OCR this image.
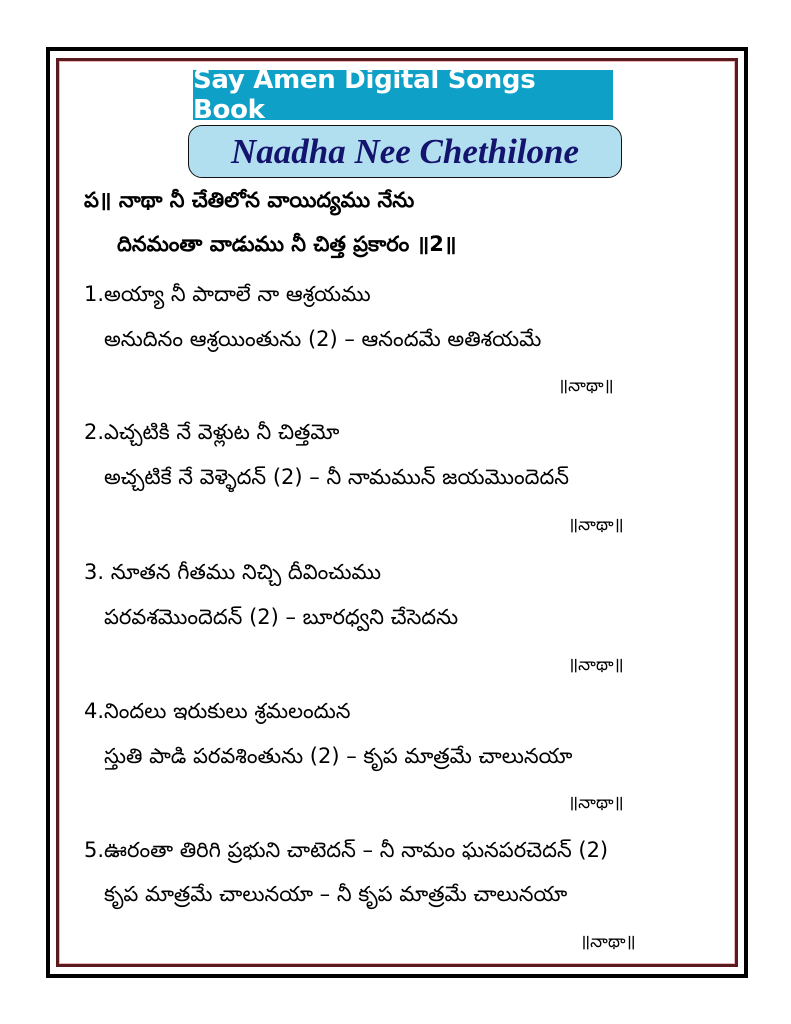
Say Amen Digital Songs Book
Naadha Nee Chethilone
ప॥ నాథా నీ చేతిలోన వాయిద్యము నేను
దినమంతా వాడుము నీ చిత్త ప్రకారం ॥2॥
1.అయ్యా నీ పాదాలే నా ఆశ్రయము
అనుదినం ఆశ్రయింతును (2) – ఆనందమే అతిశయమే
॥నాథా॥
2.ఎచ్చటికి నే వెళ్లుట నీ చిత్తమో
అచ్చటికే నే వెళ్ళెదన్ (2) – నీ నామమున్ జయమొందెదన్
॥నాథా॥
3. నూతన గీతము నిచ్చి దీవించుము
పరవశమొందెదన్ (2) – బూరధ్వని చేసెదను
॥నాథా॥
4.నిందలు ఇరుకులు శ్రమలందున
స్తుతి పాడి పరవశింతును (2) – కృప మాత్రమే చాలునయా
॥నాథా॥
5.ఊరంతా తిరిగి ప్రభుని చాటెదన్ – నీ నామం ఘనపరచెదన్ (2)
కృప మాత్రమే చాలునయా – నీ కృప మాత్రమే చాలునయా
॥నాథా॥
